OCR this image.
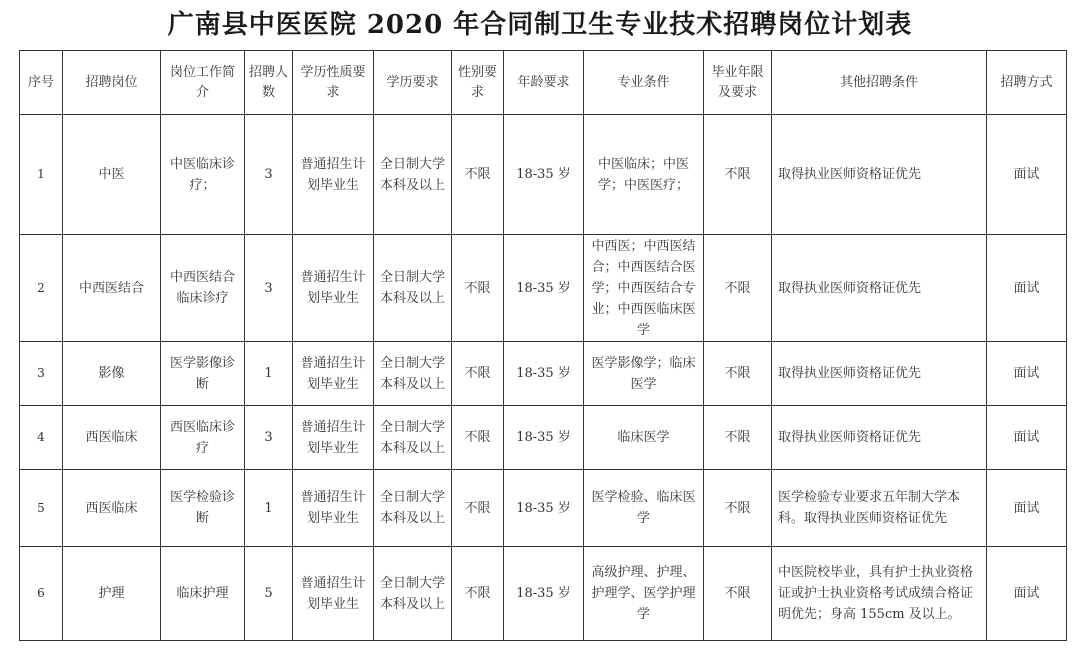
广南县中医医院 2020 年合同制卫生专业技术招聘岗位计划表
序号	招聘岗位	岗位工作简介	招聘人数	学历性质要求	学历要求	性别要求	年龄要求	专业条件	毕业年限及要求	其他招聘条件	招聘方式
1	中医	中医临床诊疗；	3	普通招生计划毕业生	全日制大学本科及以上	不限	18-35 岁	中医临床；中医学；中医医疗；	不限	取得执业医师资格证优先	面试
2	中西医结合	中西医结合临床诊疗	3	普通招生计划毕业生	全日制大学本科及以上	不限	18-35 岁	中西医；中西医结合；中西医结合医学；中西医结合专业；中西医临床医学	不限	取得执业医师资格证优先	面试
3	影像	医学影像诊断	1	普通招生计划毕业生	全日制大学本科及以上	不限	18-35 岁	医学影像学；临床医学	不限	取得执业医师资格证优先	面试
4	西医临床	西医临床诊疗	3	普通招生计划毕业生	全日制大学本科及以上	不限	18-35 岁	临床医学	不限	取得执业医师资格证优先	面试
5	西医临床	医学检验诊断	1	普通招生计划毕业生	全日制大学本科及以上	不限	18-35 岁	医学检验、临床医学	不限	医学检验专业要求五年制大学本科。取得执业医师资格证优先	面试
6	护理	临床护理	5	普通招生计划毕业生	全日制大学本科及以上	不限	18-35 岁	高级护理、护理、护理学、医学护理学	不限	中医院校毕业，具有护士执业资格证或护士执业资格考试成绩合格证明优先；身高 155cm 及以上。	面试
